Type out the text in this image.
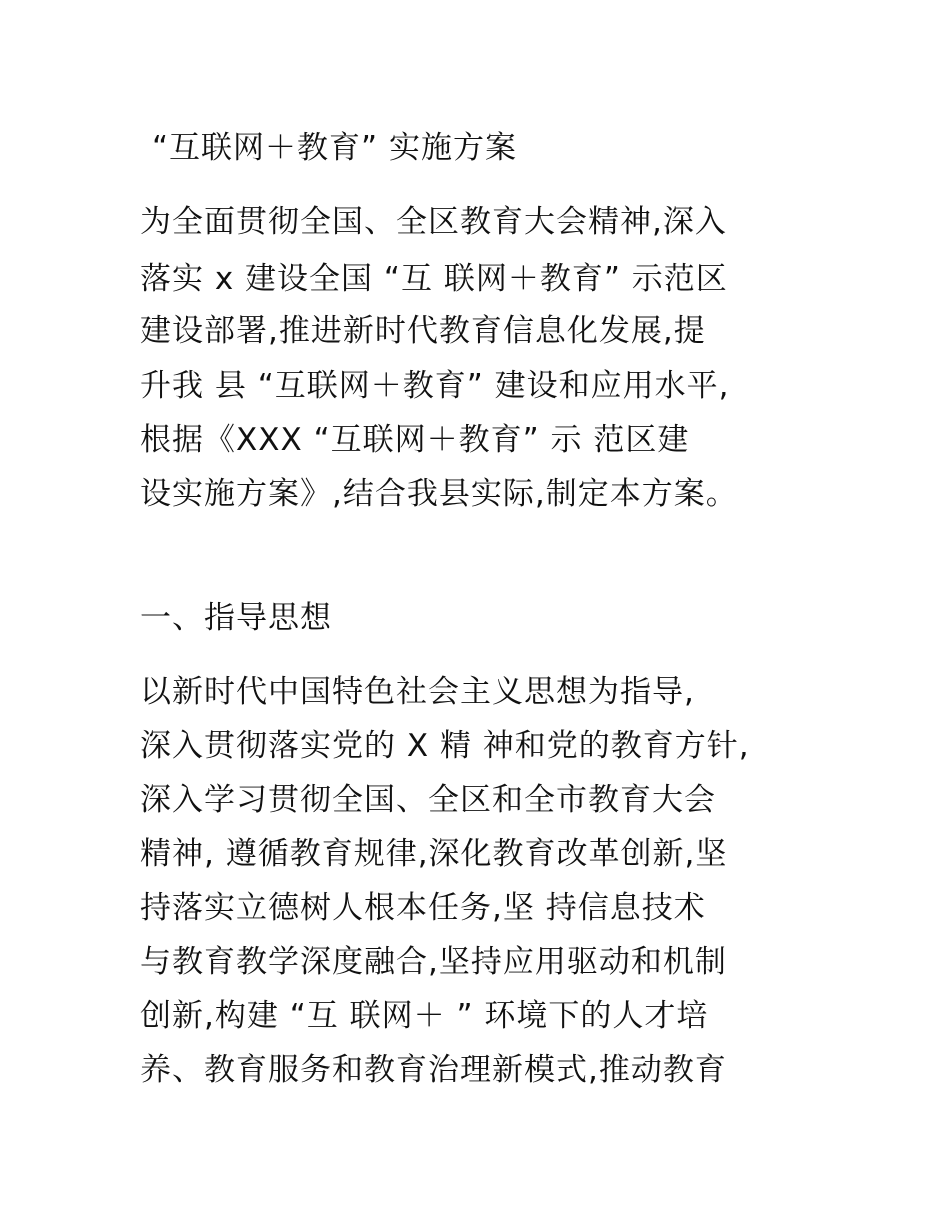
“互联网＋教育” 实施方案

为全面贯彻全国、全区教育大会精神,深入

落实 x 建设全国 “互 联网＋教育” 示范区

建设部署,推进新时代教育信息化发展,提

升我 县 “互联网＋教育” 建设和应用水平,

根据《XXX “互联网＋教育” 示 范区建

设实施方案》,结合我县实际,制定本方案。

一、指导思想

以新时代中国特色社会主义思想为指导,

深入贯彻落实党的 X 精 神和党的教育方针,

深入学习贯彻全国、全区和全市教育大会

精神, 遵循教育规律,深化教育改革创新,坚

持落实立德树人根本任务,坚 持信息技术

与教育教学深度融合,坚持应用驱动和机制

创新,构建 “互 联网＋ ” 环境下的人才培

养、教育服务和教育治理新模式,推动教育
